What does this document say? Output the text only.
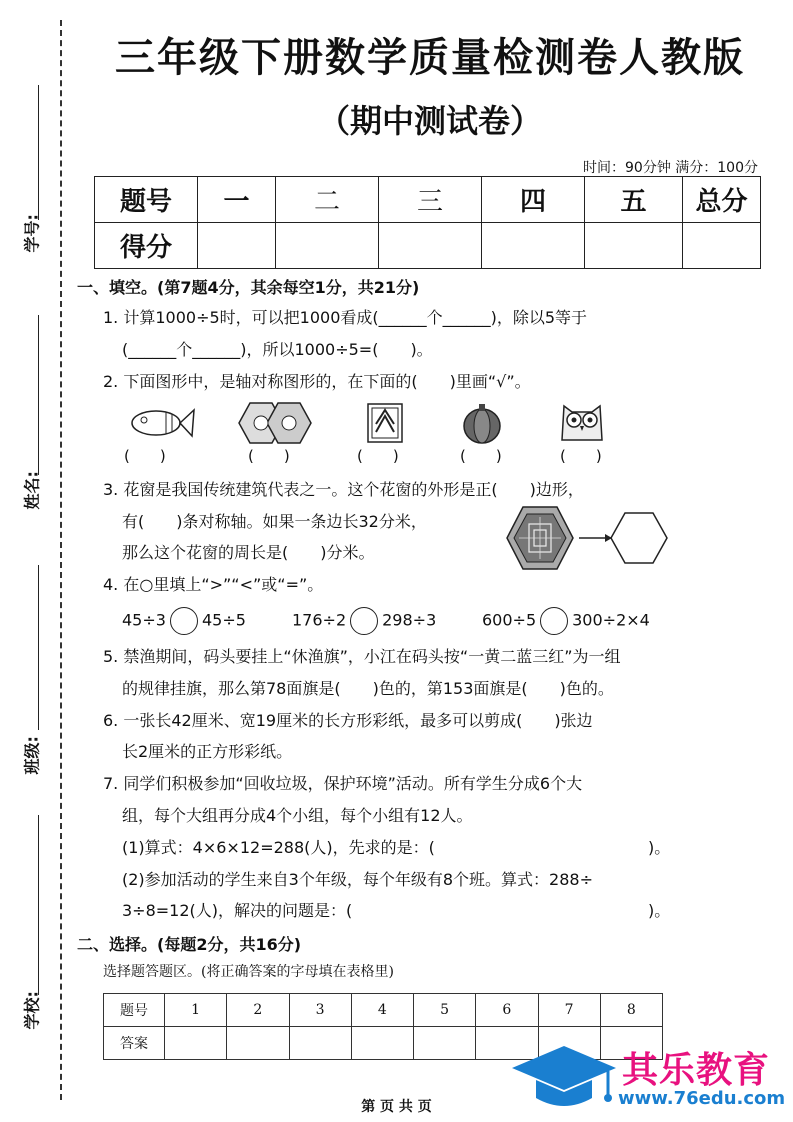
学号:
姓名:
班级:
学校:
三年级下册数学质量检测卷人教版
（期中测试卷）
时间：90分钟 满分：100分
题号	一	二	三	四	五	总分
得分						
一、填空。(第7题4分，其余每空1分，共21分)
1. 计算1000÷5时，可以把1000看成(______个______)，除以5等于
(______个______)，所以1000÷5=(　　)。
2. 下面图形中，是轴对称图形的，在下面的(　　)里画“√”。
(　　)	(　　)	(　　)	(　　)	(　　)
3. 花窗是我国传统建筑代表之一。这个花窗的外形是正(　　)边形，
有(　　)条对称轴。如果一条边长32分米，
那么这个花窗的周长是(　　)分米。
4. 在○里填上“>”“<”或“=”。
45÷3 45÷5	176÷2 298÷3	600÷5 300÷2×4
5. 禁渔期间，码头要挂上“休渔旗”，小江在码头按“一黄二蓝三红”为一组
的规律挂旗，那么第78面旗是(　　)色的，第153面旗是(　　)色的。
6. 一张长42厘米、宽19厘米的长方形彩纸，最多可以剪成(　　)张边
长2厘米的正方形彩纸。
7. 同学们积极参加“回收垃圾，保护环境”活动。所有学生分成6个大
组，每个大组再分成4个小组，每个小组有12人。
(1)算式：4×6×12=288(人)，先求的是：(	)。
(2)参加活动的学生来自3个年级，每个年级有8个班。算式：288÷
3÷8=12(人)，解决的问题是：(	)。
二、选择。(每题2分，共16分)
选择题答题区。(将正确答案的字母填在表格里)
题号	1	2	3	4	5	6	7	8
答案								
其乐教育
www.76edu.com
第 页 共 页
